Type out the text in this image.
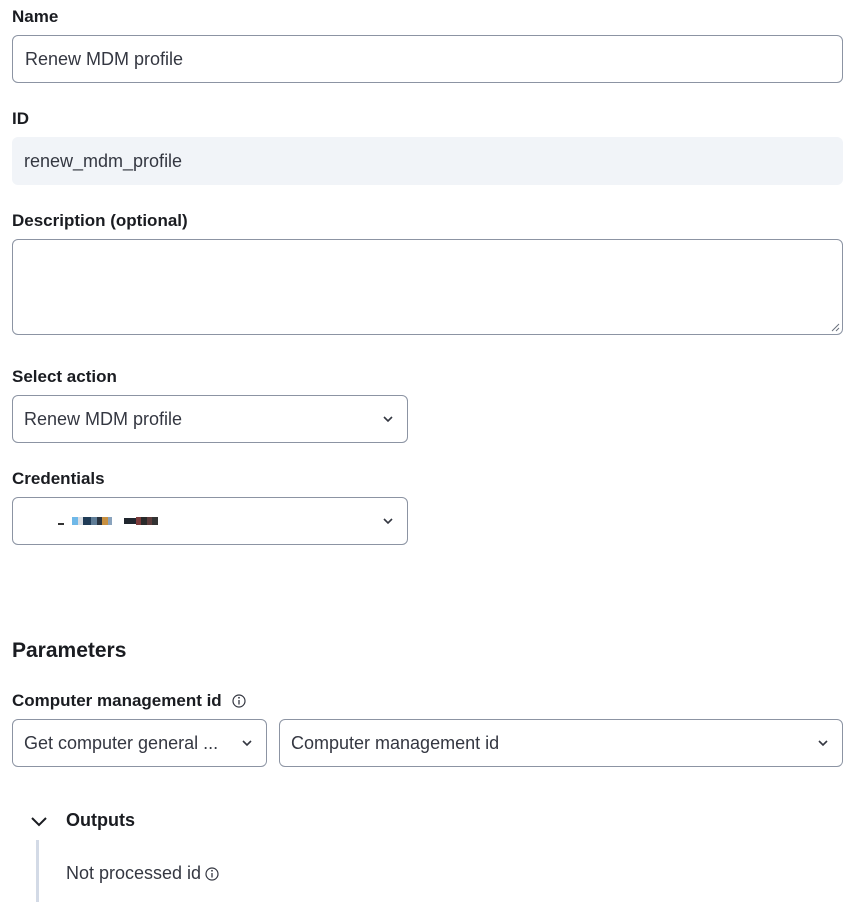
Name
Renew MDM profile
ID
renew_mdm_profile
Description (optional)
Select action
Renew MDM profile
Credentials
Parameters
Computer management id
Get computer general ...	Computer management id
Outputs
Not processed id
